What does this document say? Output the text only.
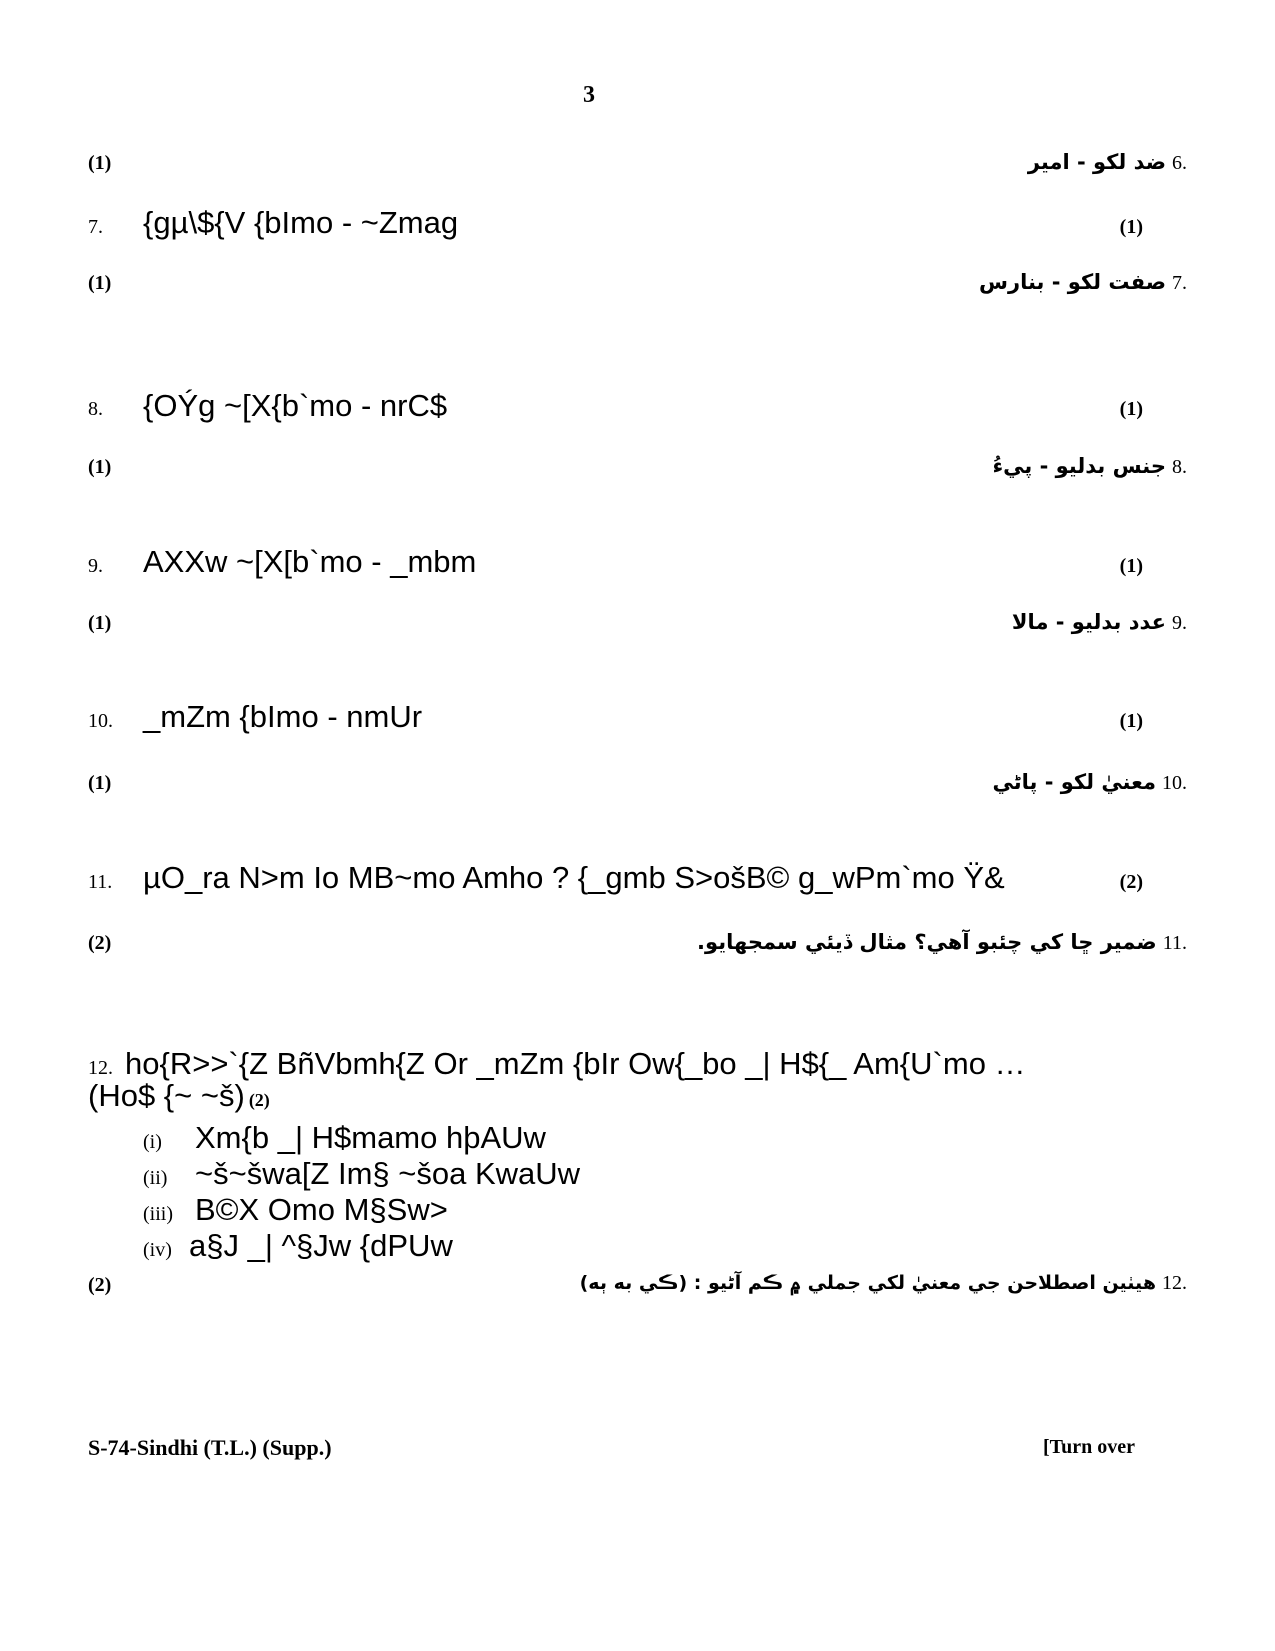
3
(1)	ضد لکو - امير 6.
7. {gµ\${V {bImo - ~Zmag	(1)
(1)	صفت لکو - بنارس 7.
8. {OÝg ~[X{b`mo - nrC$	(1)
(1)	جنس بدليو - پيءُ 8.
9. AXXw ~[X[b`mo - _mbm	(1)
(1)	عدد بدليو - مالا 9.
10. _mZm {bImo - nmUr	(1)
(1)	معنيٰ لکو - پاڻي 10.
11. µO_ra N>m Io MB~mo Amho ? {_gmb S>ošB© g_wPm`mo Ÿ&	(2)
(2)	ضمير ڇا کي چئبو آهي؟ مثال ڏيئي سمجھايو. 11.
12. ho{R>>`{Z BñVbmh{Z Or _mZm {bIr Ow{_bo _| H${_ Am{U`mo …
(Ho$ {~ ~š) (2)
(i) Xm{b _| H$mamo hþAUw
(ii) ~š~šwa[Z Im§ ~šoa KwaUw
(iii) B©X Omo M§Sw>
(iv) a§J _| ^§Jw {dPUw
(2)	هيٺين اصطلاحن جي معنيٰ لکي جملي ۾ ڪم آڻيو : (ڪي به ٻه) 12.
S-74-Sindhi (T.L.) (Supp.)	[Turn over
